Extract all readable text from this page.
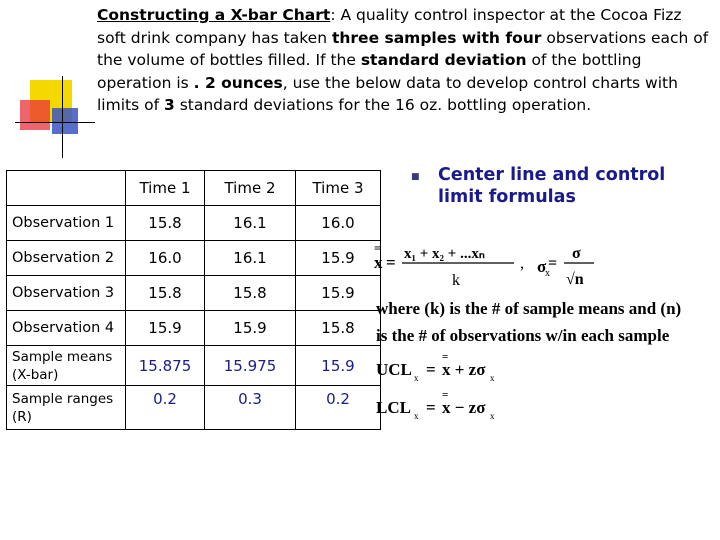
Constructing a X-bar Chart: A quality control inspector at the Cocoa Fizz soft drink company has taken three samples with four observations each of the volume of bottles filled. If the standard deviation of the bottling operation is . 2 ounces, use the below data to develop control charts with limits of 3 standard deviations for the 16 oz. bottling operation.
	Time 1	Time 2	Time 3
Observation 1	15.8	16.1	16.0
Observation 2	16.0	16.1	15.9
Observation 3	15.8	15.8	15.9
Observation 4	15.9	15.9	15.8
Sample means (X-bar)	15.875	15.975	15.9
Sample ranges (R)	0.2	0.3	0.2
■ Center line and control limit formulas
=
x = x₁ + x₂ + ...xₙ
k
, σ
x
=
σ
√n
where (k) is the # of sample means and (n)
is the # of observations w/in each sample
UCL x =
=
x + zσ x
LCL x =
=
x − zσ x
